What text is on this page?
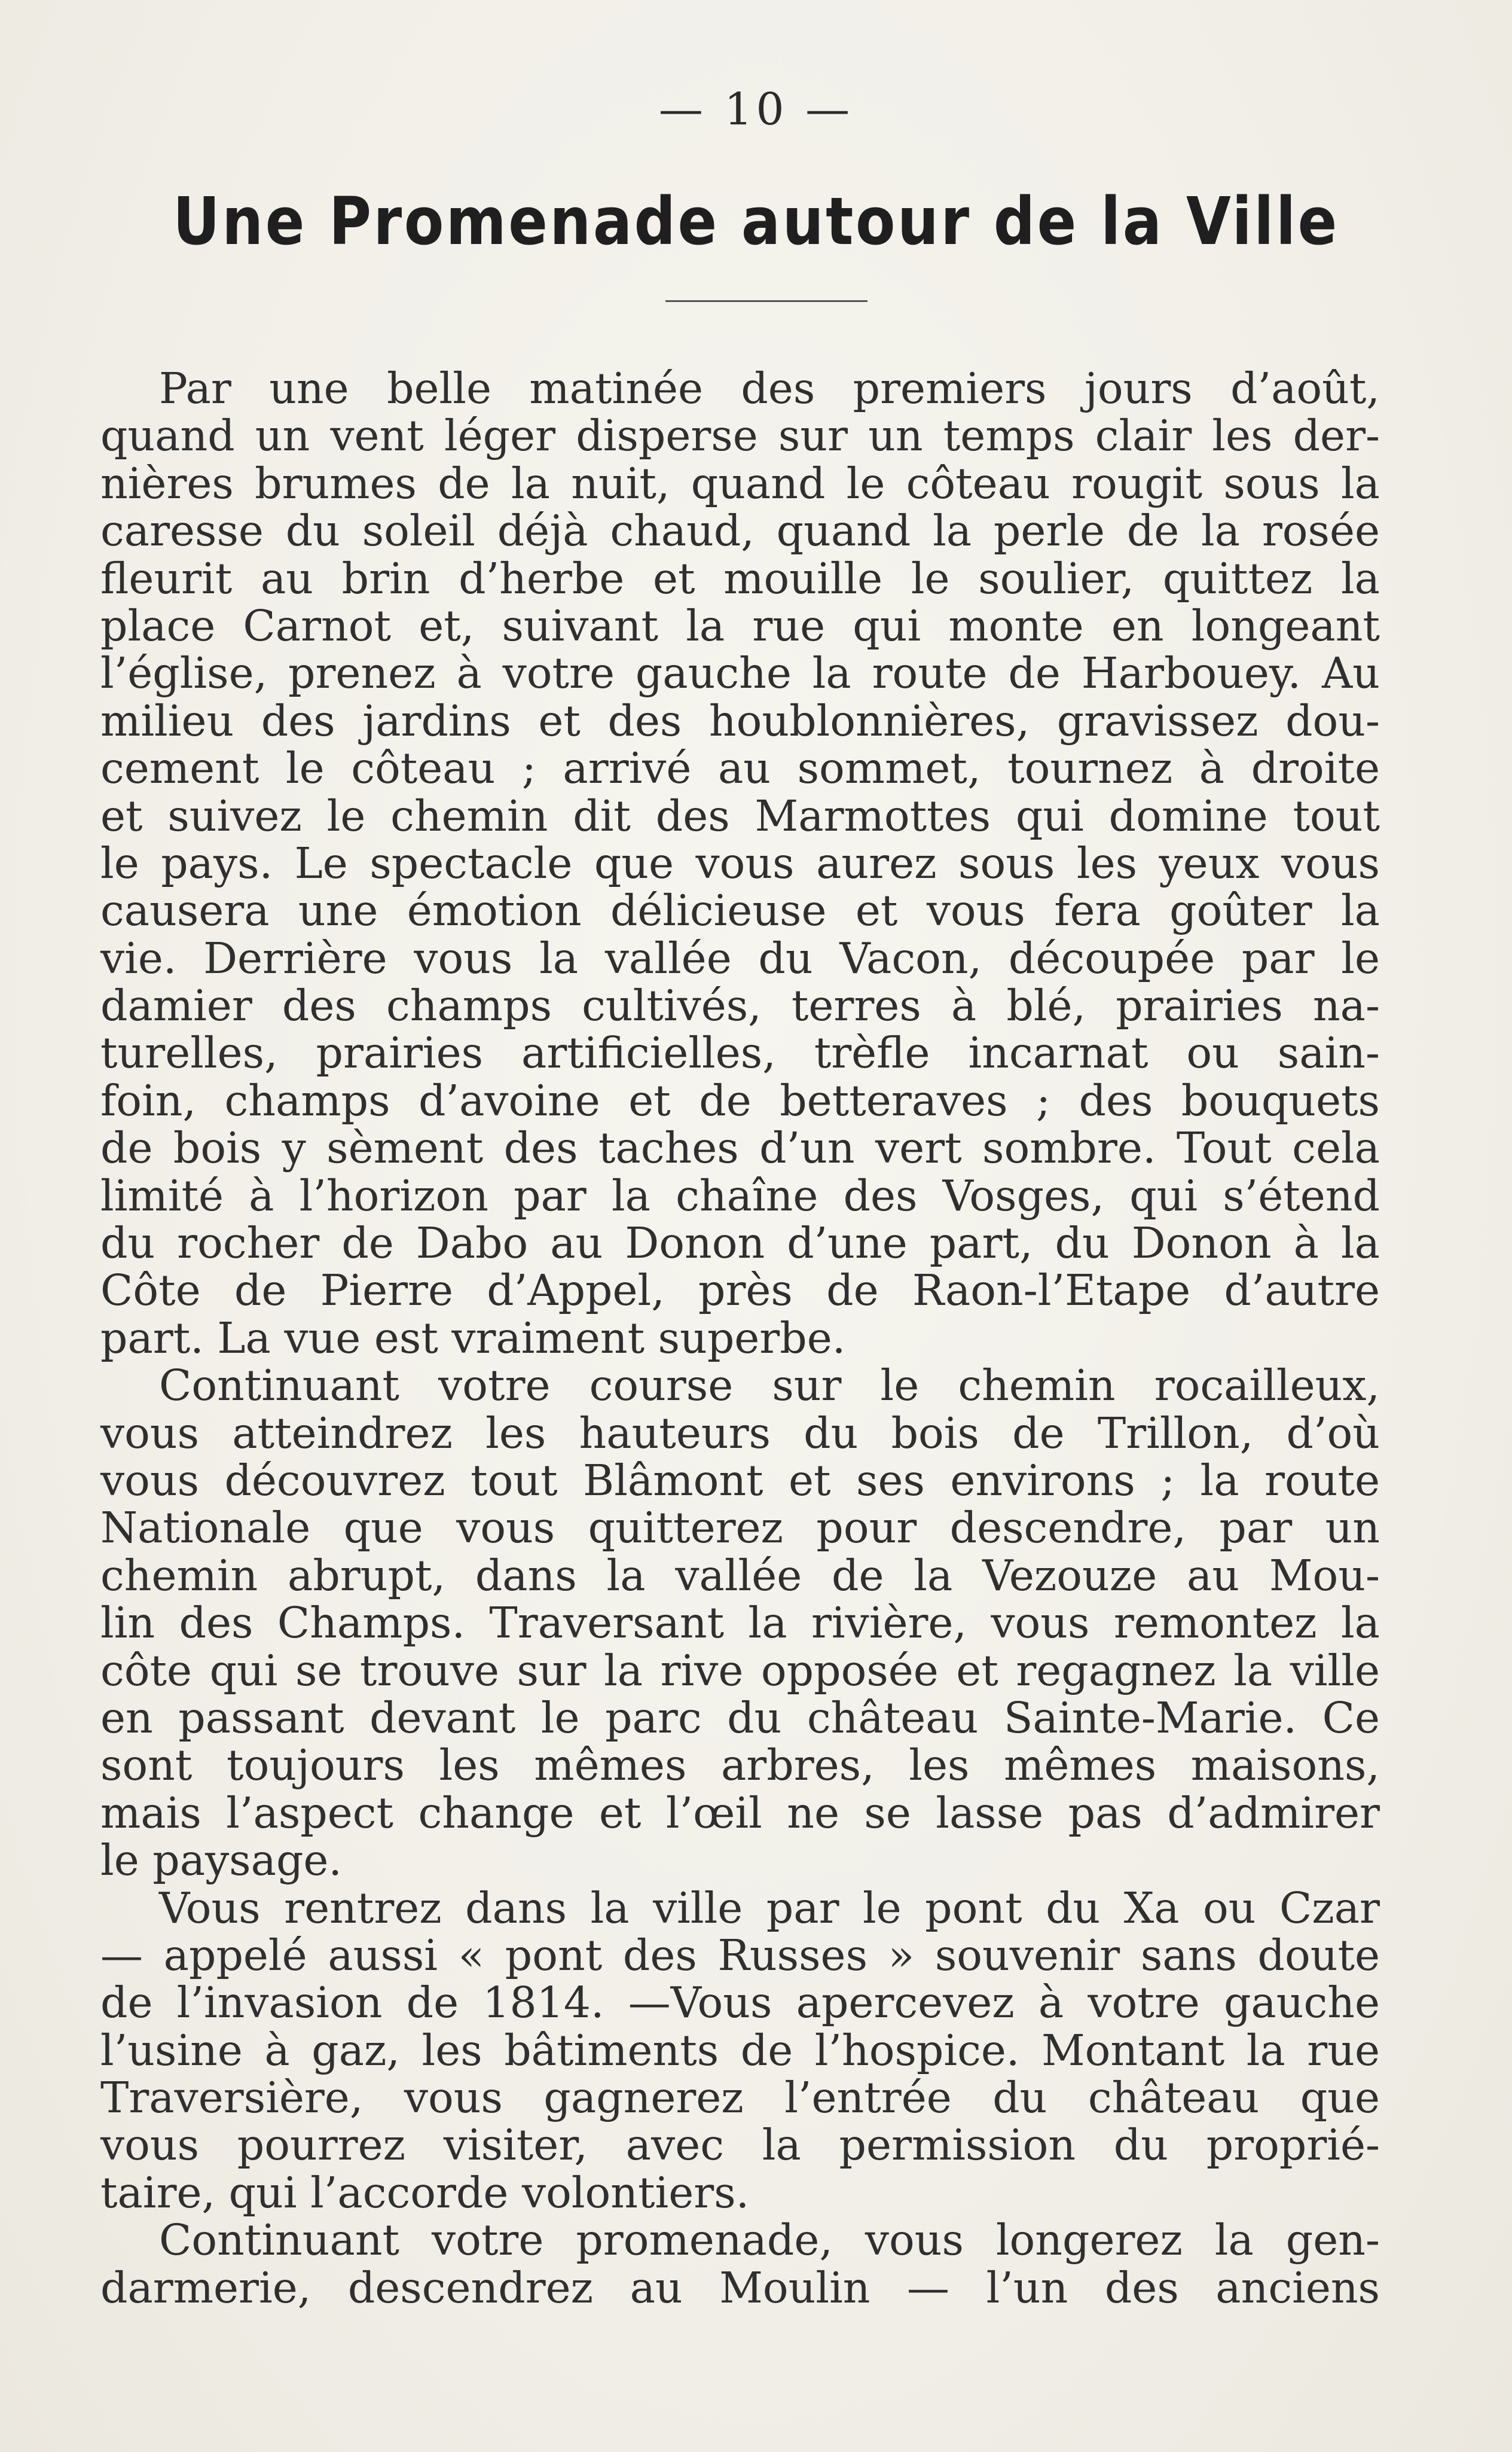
— 10 —
Une Promenade autour de la Ville
Par une belle matinée des premiers jours d’août,
quand un vent léger disperse sur un temps clair les der-
nières brumes de la nuit, quand le côteau rougit sous la
caresse du soleil déjà chaud, quand la perle de la rosée
fleurit au brin d’herbe et mouille le soulier, quittez la
place Carnot et, suivant la rue qui monte en longeant
l’église, prenez à votre gauche la route de Harbouey. Au
milieu des jardins et des houblonnières, gravissez dou-
cement le côteau ; arrivé au sommet, tournez à droite
et suivez le chemin dit des Marmottes qui domine tout
le pays. Le spectacle que vous aurez sous les yeux vous
causera une émotion délicieuse et vous fera goûter la
vie. Derrière vous la vallée du Vacon, découpée par le
damier des champs cultivés, terres à blé, prairies na-
turelles, prairies artificielles, trèfle incarnat ou sain-
foin, champs d’avoine et de betteraves ; des bouquets
de bois y sèment des taches d’un vert sombre. Tout cela
limité à l’horizon par la chaîne des Vosges, qui s’étend
du rocher de Dabo au Donon d’une part, du Donon à la
Côte de Pierre d’Appel, près de Raon-l’Etape d’autre
part. La vue est vraiment superbe.
Continuant votre course sur le chemin rocailleux,
vous atteindrez les hauteurs du bois de Trillon, d’où
vous découvrez tout Blâmont et ses environs ; la route
Nationale que vous quitterez pour descendre, par un
chemin abrupt, dans la vallée de la Vezouze au Mou-
lin des Champs. Traversant la rivière, vous remontez la
côte qui se trouve sur la rive opposée et regagnez la ville
en passant devant le parc du château Sainte-Marie. Ce
sont toujours les mêmes arbres, les mêmes maisons,
mais l’aspect change et l’œil ne se lasse pas d’admirer
le paysage.
Vous rentrez dans la ville par le pont du Xa ou Czar
— appelé aussi « pont des Russes » souvenir sans doute
de l’invasion de 1814. —Vous apercevez à votre gauche
l’usine à gaz, les bâtiments de l’hospice. Montant la rue
Traversière, vous gagnerez l’entrée du château que
vous pourrez visiter, avec la permission du proprié-
taire, qui l’accorde volontiers.
Continuant votre promenade, vous longerez la gen-
darmerie, descendrez au Moulin — l’un des anciens
